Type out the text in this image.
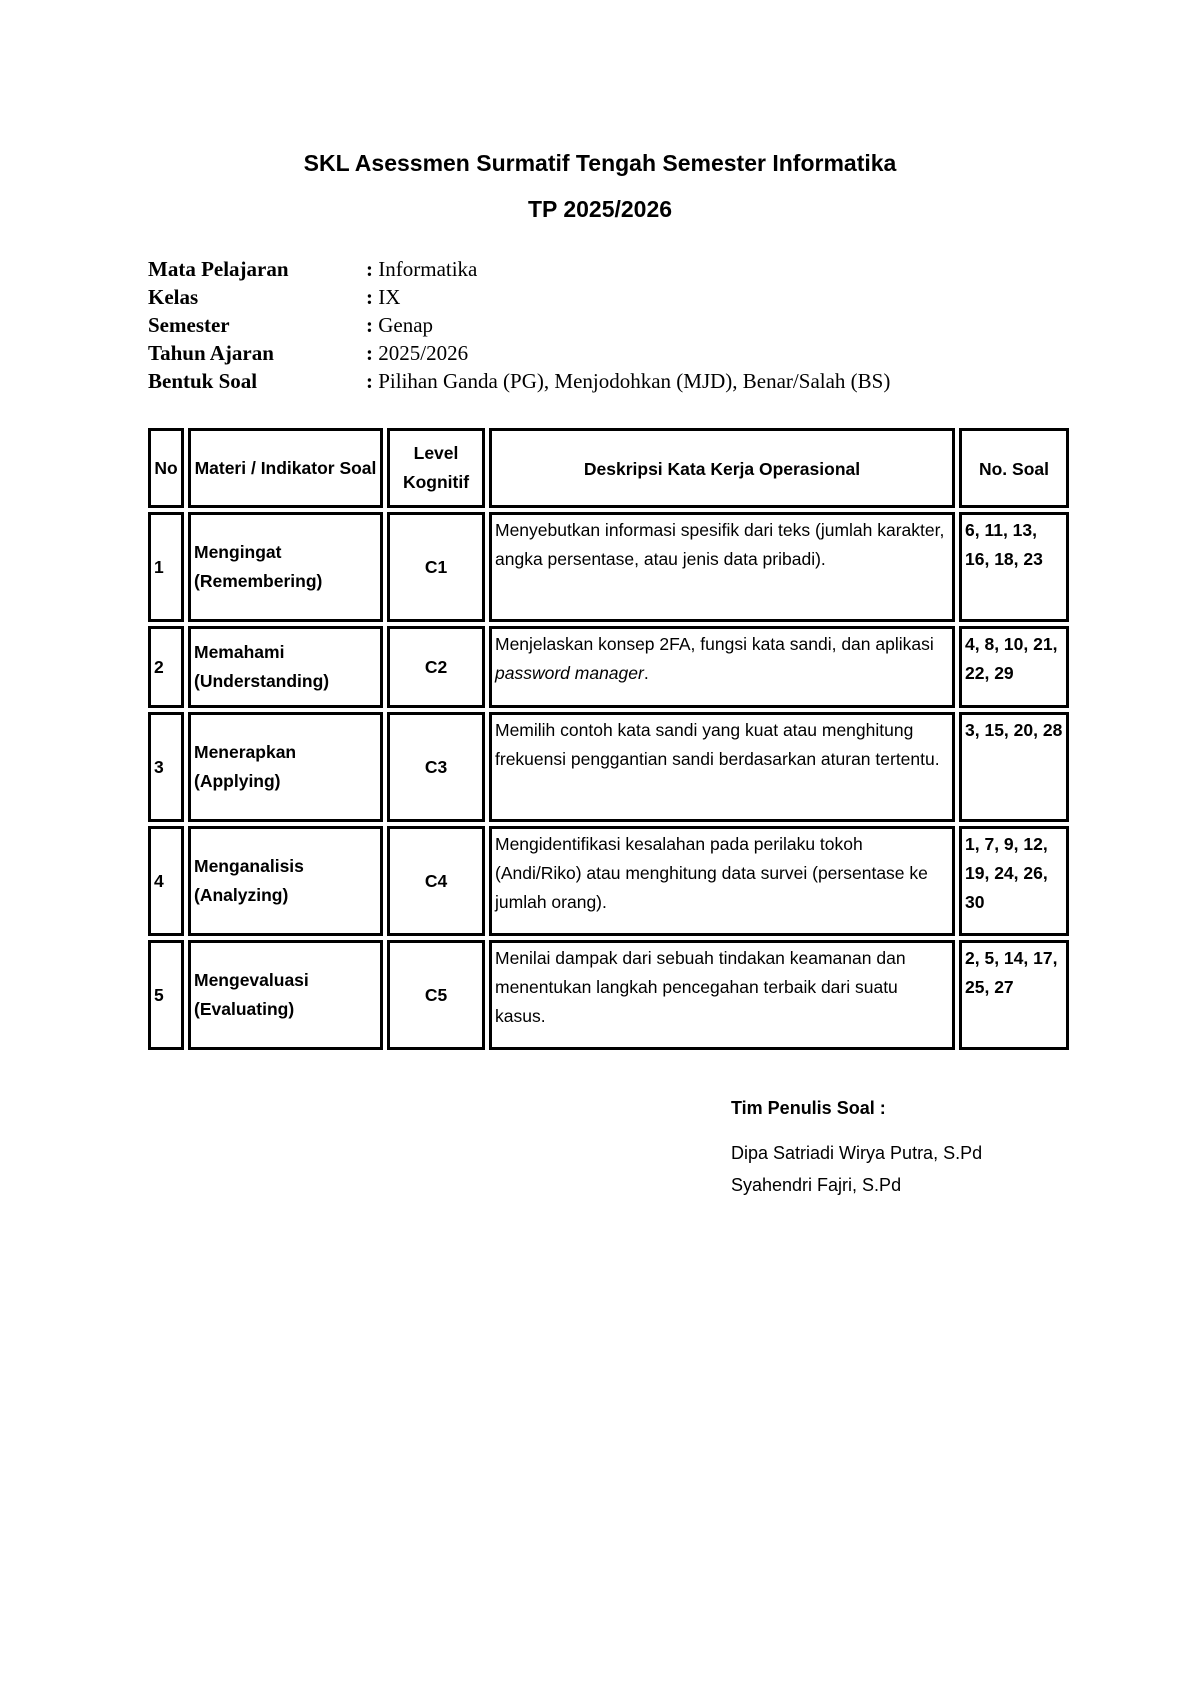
SKL Asessmen Surmatif Tengah Semester Informatika
TP 2025/2026
Mata Pelajaran	: Informatika
Kelas	: IX
Semester	: Genap
Tahun Ajaran	: 2025/2026
Bentuk Soal	: Pilihan Ganda (PG), Menjodohkan (MJD), Benar/Salah (BS)
No	Materi / Indikator Soal	Level Kognitif	Deskripsi Kata Kerja Operasional	No. Soal
1	Mengingat (Remembering)	C1	Menyebutkan informasi spesifik dari teks (jumlah karakter, angka persentase, atau jenis data pribadi).	6, 11, 13, 16, 18, 23
2	Memahami (Understanding)	C2	Menjelaskan konsep 2FA, fungsi kata sandi, dan aplikasi password manager.	4, 8, 10, 21, 22, 29
3	Menerapkan (Applying)	C3	Memilih contoh kata sandi yang kuat atau menghitung frekuensi penggantian sandi berdasarkan aturan tertentu.	3, 15, 20, 28
4	Menganalisis (Analyzing)	C4	Mengidentifikasi kesalahan pada perilaku tokoh (Andi/Riko) atau menghitung data survei (persentase ke jumlah orang).	1, 7, 9, 12, 19, 24, 26, 30
5	Mengevaluasi (Evaluating)	C5	Menilai dampak dari sebuah tindakan keamanan dan menentukan langkah pencegahan terbaik dari suatu kasus.	2, 5, 14, 17, 25, 27
Tim Penulis Soal :
Dipa Satriadi Wirya Putra, S.Pd
Syahendri Fajri, S.Pd
